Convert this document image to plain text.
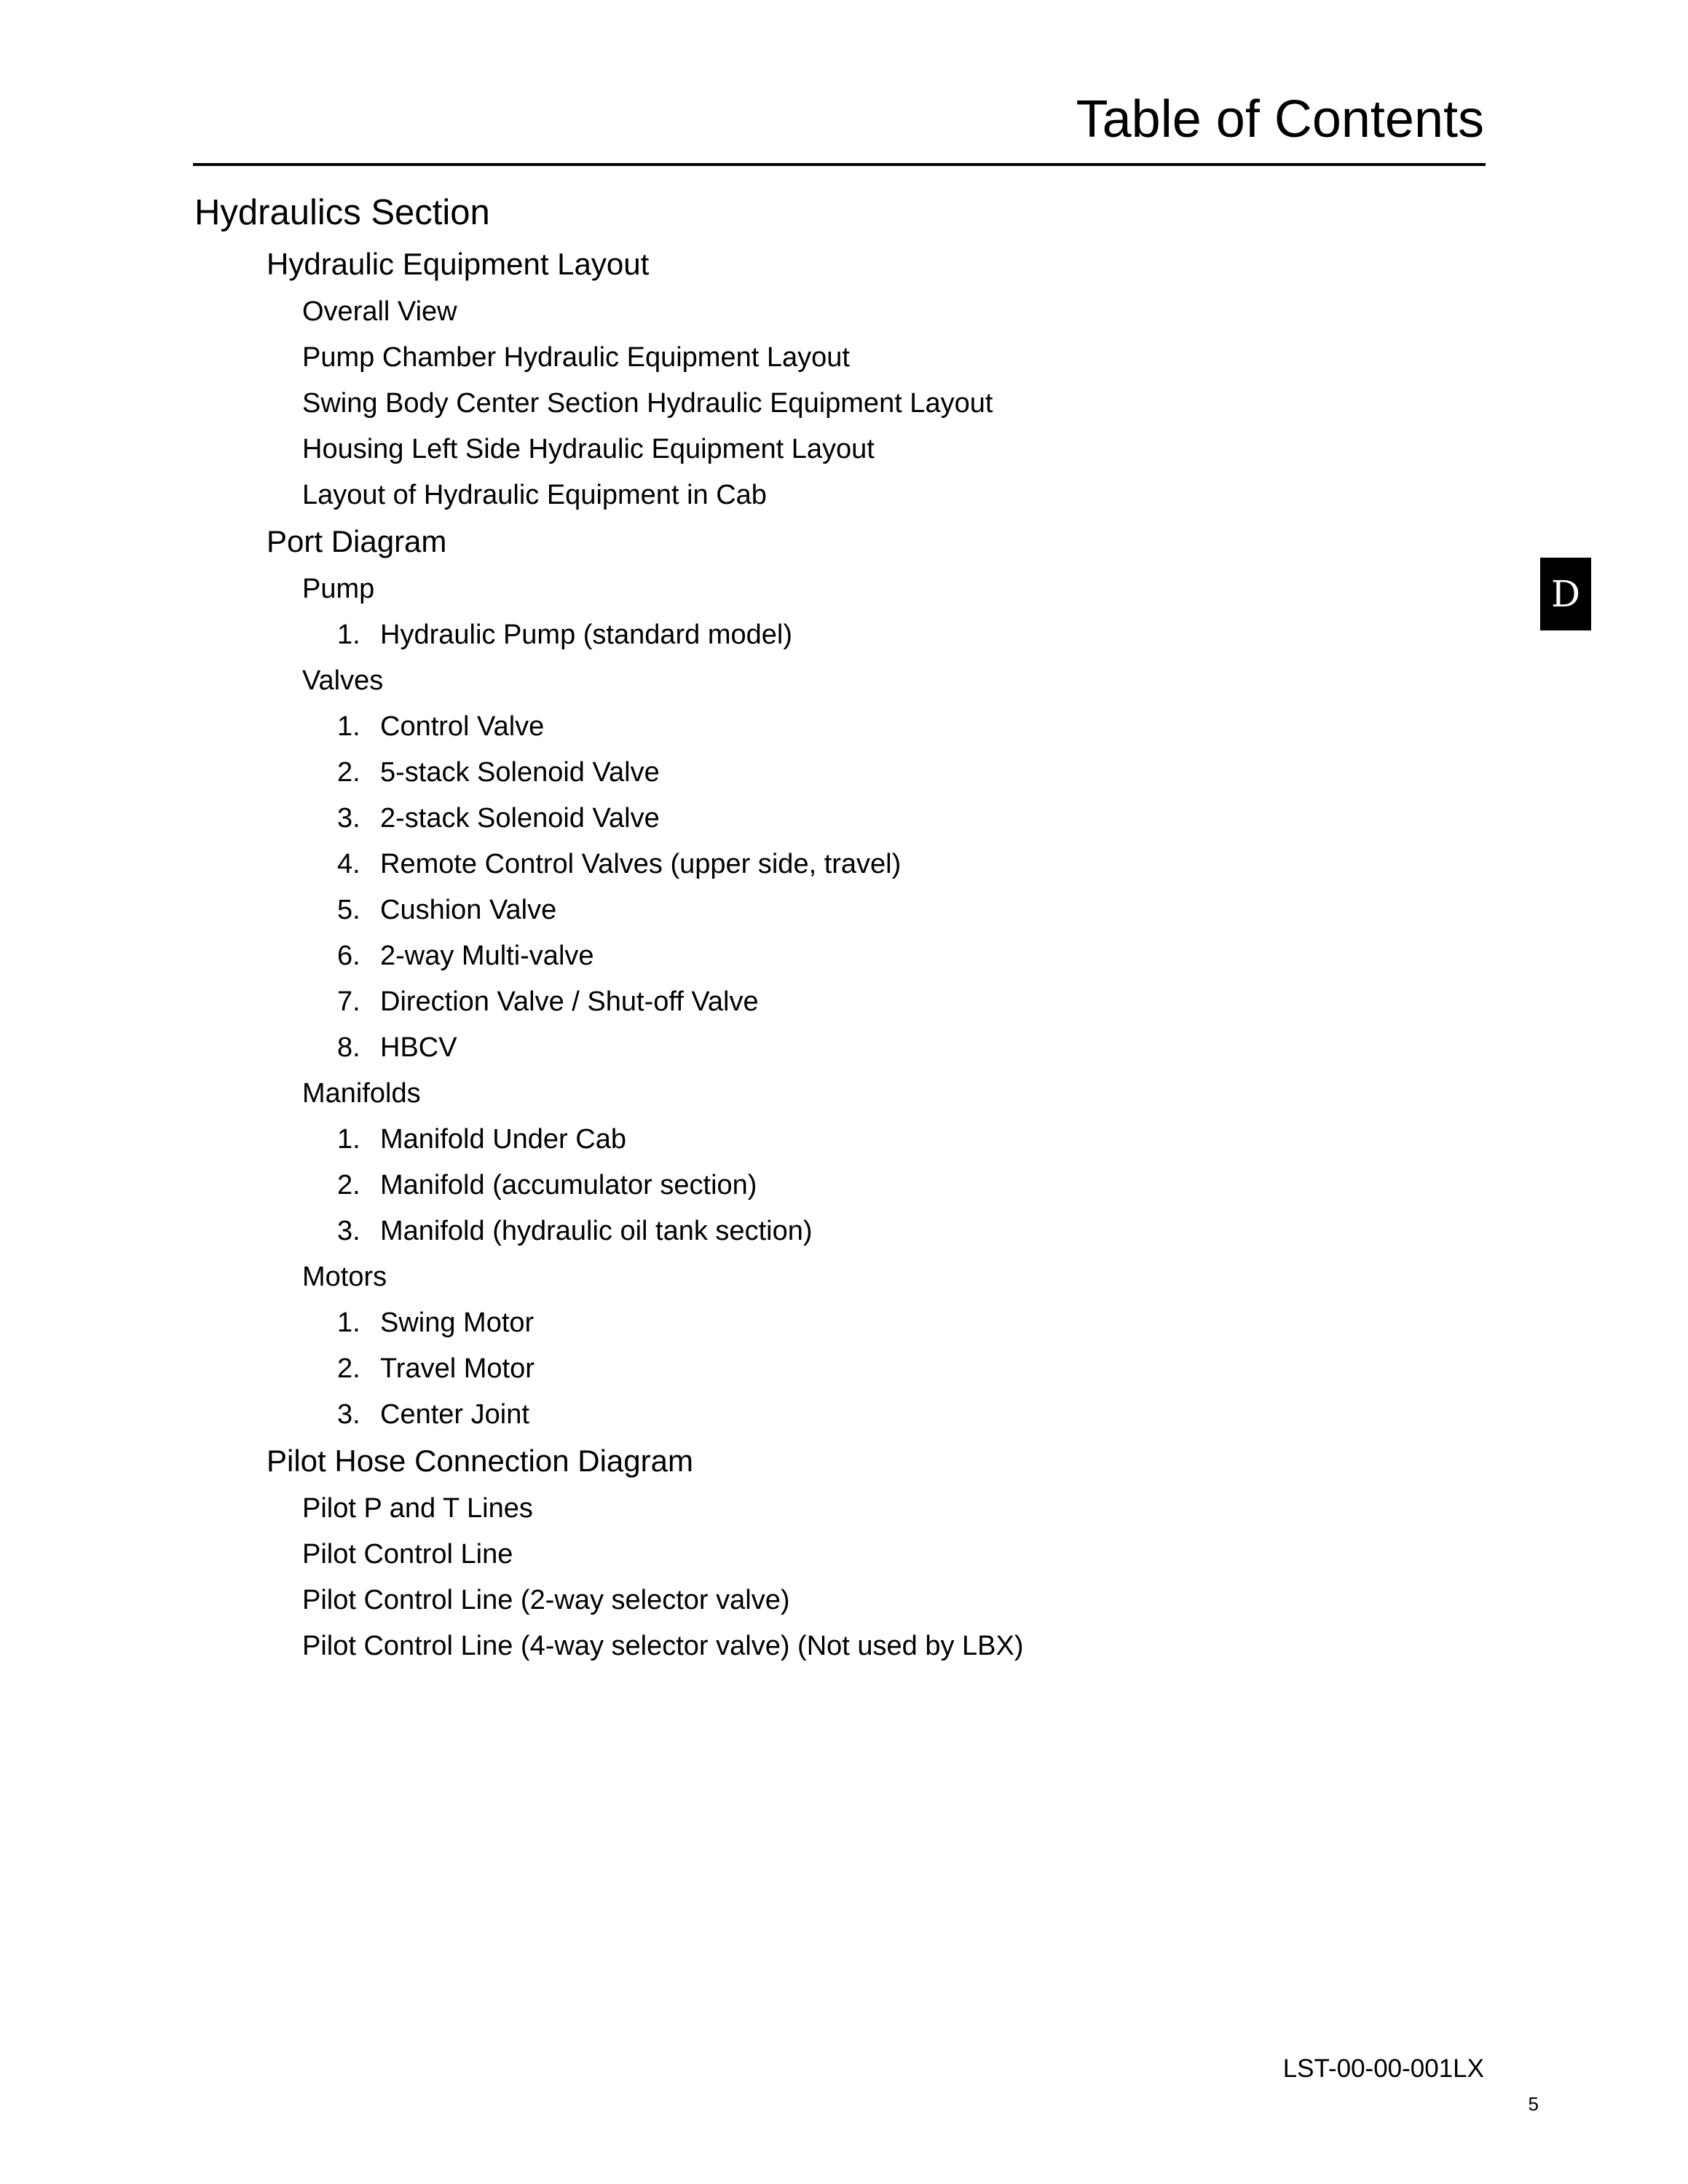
Table of Contents
Hydraulics Section
Hydraulic Equipment Layout
Overall View
Pump Chamber Hydraulic Equipment Layout
Swing Body Center Section Hydraulic Equipment Layout
Housing Left Side Hydraulic Equipment Layout
Layout of Hydraulic Equipment in Cab
Port Diagram
Pump
1. Hydraulic Pump (standard model)
Valves
1. Control Valve
2. 5-stack Solenoid Valve
3. 2-stack Solenoid Valve
4. Remote Control Valves (upper side, travel)
5. Cushion Valve
6. 2-way Multi-valve
7. Direction Valve / Shut-off Valve
8. HBCV
Manifolds
1. Manifold Under Cab
2. Manifold (accumulator section)
3. Manifold (hydraulic oil tank section)
Motors
1. Swing Motor
2. Travel Motor
3. Center Joint
Pilot Hose Connection Diagram
Pilot P and T Lines
Pilot Control Line
Pilot Control Line (2-way selector valve)
Pilot Control Line (4-way selector valve) (Not used by LBX)
D
LST-00-00-001LX
5
